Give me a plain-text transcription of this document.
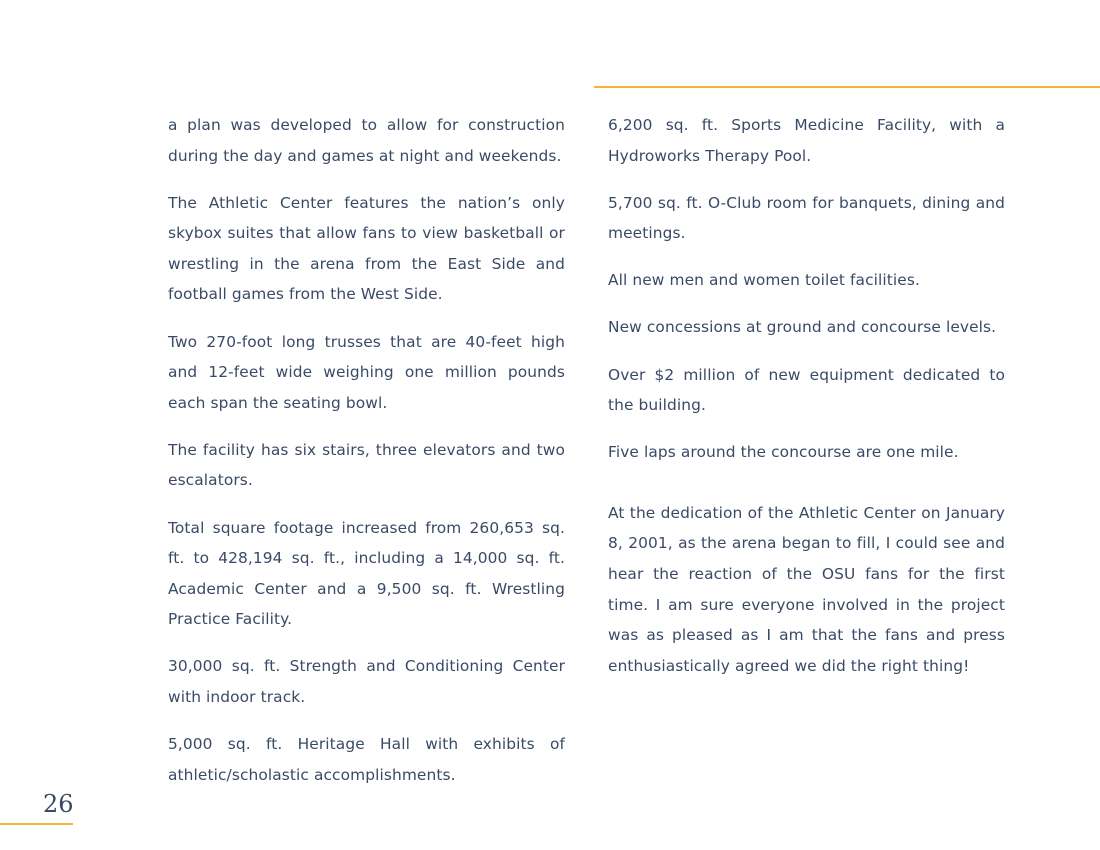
a plan was developed to allow for construction during the day and games at night and weekends.

The Athletic Center features the nation’s only skybox suites that allow fans to view basketball or wrestling in the arena from the East Side and football games from the West Side.

Two 270-foot long trusses that are 40-feet high and 12-feet wide weighing one million pounds each span the seating bowl.

The facility has six stairs, three elevators and two escalators.

Total square footage increased from 260,653 sq. ft. to 428,194 sq. ft., including a 14,000 sq. ft. Academic Center and a 9,500 sq. ft. Wrestling Practice Facility.

30,000 sq. ft. Strength and Conditioning Center with indoor track.

5,000 sq. ft. Heritage Hall with exhibits of athletic/scholastic accomplishments.

6,200 sq. ft. Sports Medicine Facility, with a Hydroworks Therapy Pool.

5,700 sq. ft. O-Club room for banquets, dining and meetings.

All new men and women toilet facilities.

New concessions at ground and concourse levels.

Over $2 million of new equipment dedicated to the building.

Five laps around the concourse are one mile.

At the dedication of the Athletic Center on January 8, 2001, as the arena began to fill, I could see and hear the reaction of the OSU fans for the first time. I am sure everyone involved in the project was as pleased as I am that the fans and press enthusiastically agreed we did the right thing!

26
